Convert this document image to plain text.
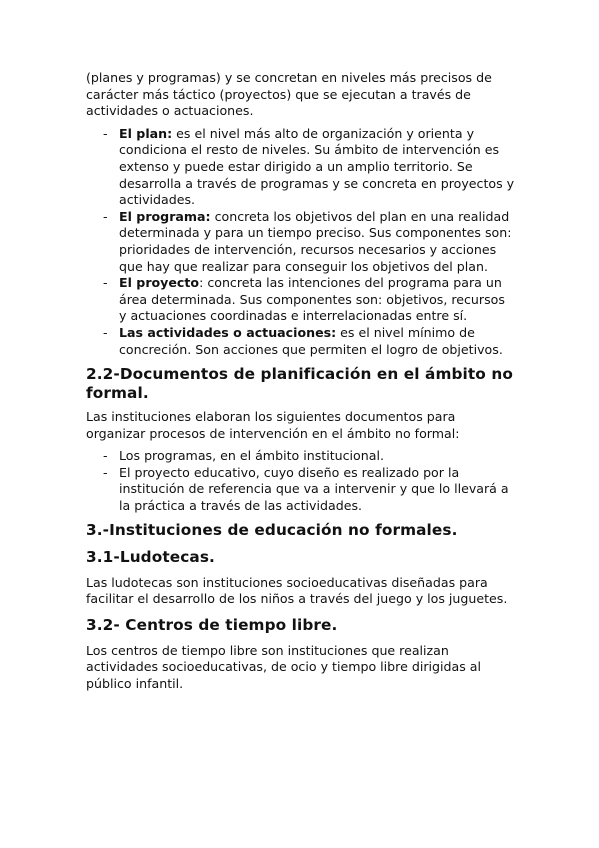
(planes y programas) y se concretan en niveles más precisos de carácter más táctico (proyectos) que se ejecutan a través de actividades o actuaciones.

- El plan: es el nivel más alto de organización y orienta y condiciona el resto de niveles. Su ámbito de intervención es extenso y puede estar dirigido a un amplio territorio. Se desarrolla a través de programas y se concreta en proyectos y actividades.
- El programa: concreta los objetivos del plan en una realidad determinada y para un tiempo preciso. Sus componentes son: prioridades de intervención, recursos necesarios y acciones que hay que realizar para conseguir los objetivos del plan.
- El proyecto: concreta las intenciones del programa para un área determinada. Sus componentes son: objetivos, recursos y actuaciones coordinadas e interrelacionadas entre sí.
- Las actividades o actuaciones: es el nivel mínimo de concreción. Son acciones que permiten el logro de objetivos.
2.2-Documentos de planificación en el ámbito no formal.

Las instituciones elaboran los siguientes documentos para organizar procesos de intervención en el ámbito no formal:

- Los programas, en el ámbito institucional.
- El proyecto educativo, cuyo diseño es realizado por la institución de referencia que va a intervenir y que lo llevará a la práctica a través de las actividades.
3.-Instituciones de educación no formales.
3.1-Ludotecas.

Las ludotecas son instituciones socioeducativas diseñadas para facilitar el desarrollo de los niños a través del juego y los juguetes.

3.2- Centros de tiempo libre.

Los centros de tiempo libre son instituciones que realizan actividades socioeducativas, de ocio y tiempo libre dirigidas al público infantil.
